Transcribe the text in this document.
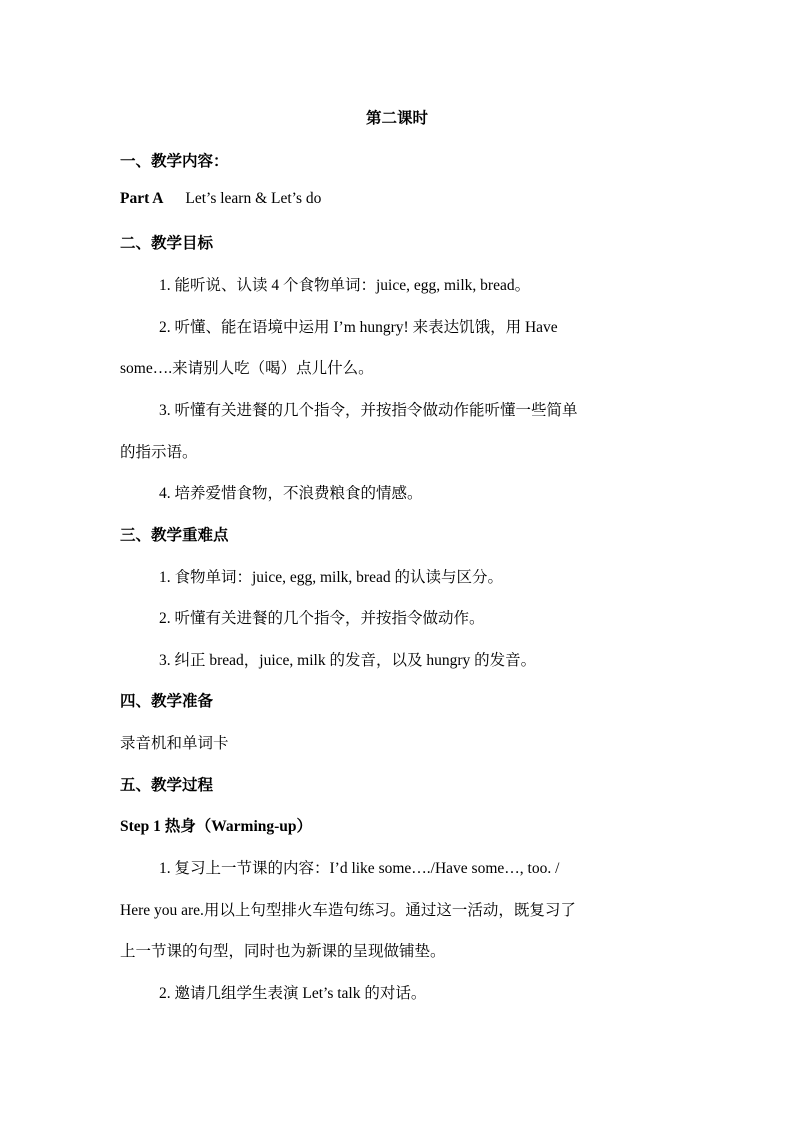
第二课时
一、教学内容：
Part A Let’s learn & Let’s do
二、教学目标
1. 能听说、认读 4 个食物单词：juice, egg, milk, bread。
2. 听懂、能在语境中运用 I’m hungry! 来表达饥饿，用 Have
some….来请别人吃（喝）点儿什么。
3. 听懂有关进餐的几个指令，并按指令做动作能听懂一些简单
的指示语。
4. 培养爱惜食物，不浪费粮食的情感。
三、教学重难点
1. 食物单词：juice, egg, milk, bread 的认读与区分。
2. 听懂有关进餐的几个指令，并按指令做动作。
3. 纠正 bread，juice, milk 的发音，以及 hungry 的发音。
四、教学准备
录音机和单词卡
五、教学过程
Step 1 热身（Warming-up）
1. 复习上一节课的内容：I’d like some…./Have some…, too. /
Here you are.用以上句型排火车造句练习。通过这一活动，既复习了
上一节课的句型，同时也为新课的呈现做铺垫。
2. 邀请几组学生表演 Let’s talk 的对话。
